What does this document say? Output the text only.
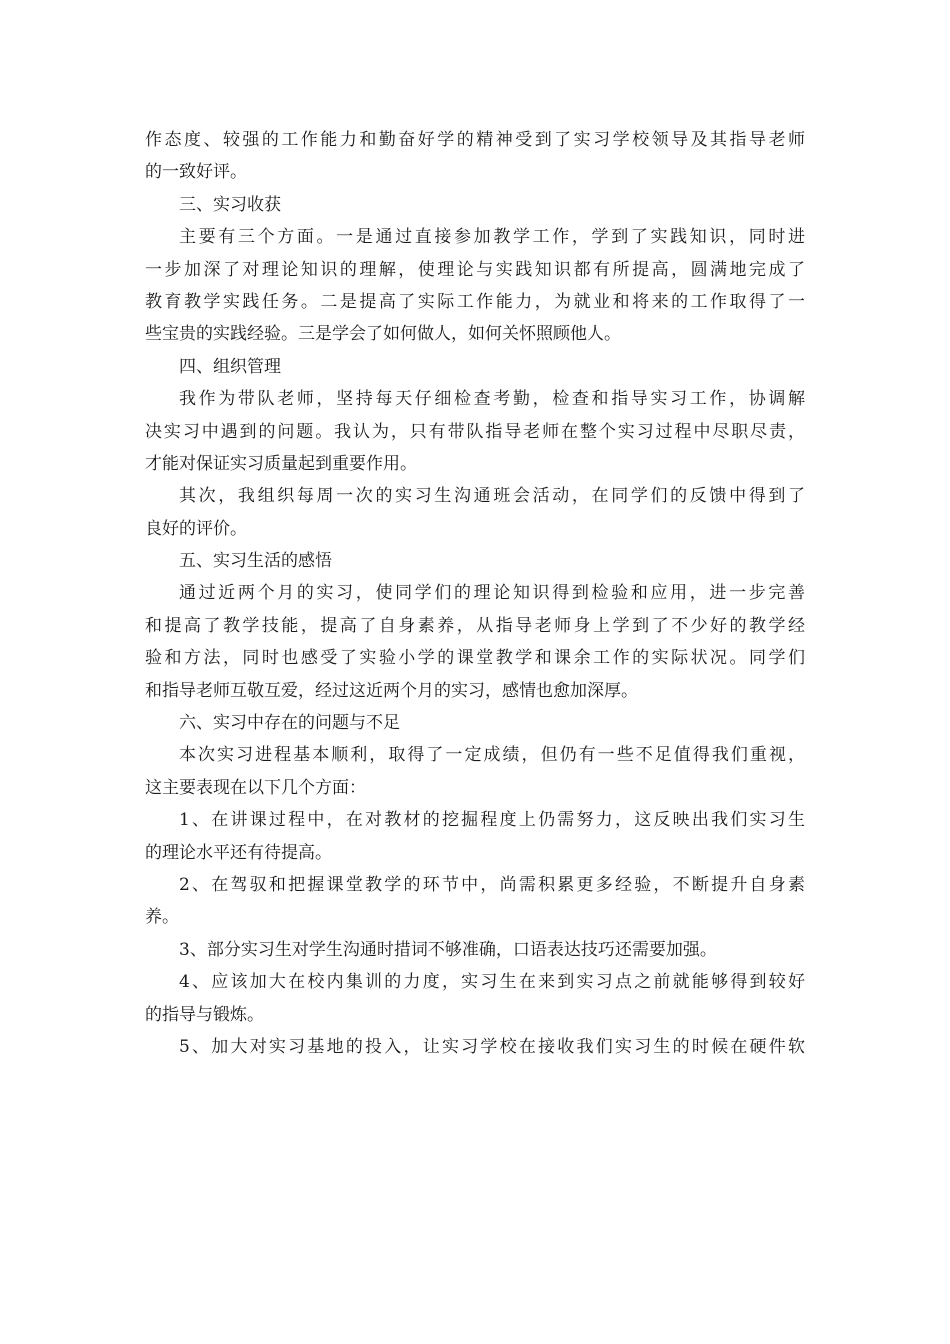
作态度、较强的工作能力和勤奋好学的精神受到了实习学校领导及其指导老师
的一致好评。
三、实习收获
主要有三个方面。一是通过直接参加教学工作，学到了实践知识，同时进
一步加深了对理论知识的理解，使理论与实践知识都有所提高，圆满地完成了
教育教学实践任务。二是提高了实际工作能力，为就业和将来的工作取得了一
些宝贵的实践经验。三是学会了如何做人，如何关怀照顾他人。
四、组织管理
我作为带队老师，坚持每天仔细检查考勤，检查和指导实习工作，协调解
决实习中遇到的问题。我认为，只有带队指导老师在整个实习过程中尽职尽责，
才能对保证实习质量起到重要作用。
其次，我组织每周一次的实习生沟通班会活动，在同学们的反馈中得到了
良好的评价。
五、实习生活的感悟
通过近两个月的实习，使同学们的理论知识得到检验和应用，进一步完善
和提高了教学技能，提高了自身素养，从指导老师身上学到了不少好的教学经
验和方法，同时也感受了实验小学的课堂教学和课余工作的实际状况。同学们
和指导老师互敬互爱，经过这近两个月的实习，感情也愈加深厚。
六、实习中存在的问题与不足
本次实习进程基本顺利，取得了一定成绩，但仍有一些不足值得我们重视，
这主要表现在以下几个方面：
1、在讲课过程中，在对教材的挖掘程度上仍需努力，这反映出我们实习生
的理论水平还有待提高。
2、在驾驭和把握课堂教学的环节中，尚需积累更多经验，不断提升自身素
养。
3、部分实习生对学生沟通时措词不够准确，口语表达技巧还需要加强。
4、应该加大在校内集训的力度，实习生在来到实习点之前就能够得到较好
的指导与锻炼。
5、加大对实习基地的投入，让实习学校在接收我们实习生的时候在硬件软
